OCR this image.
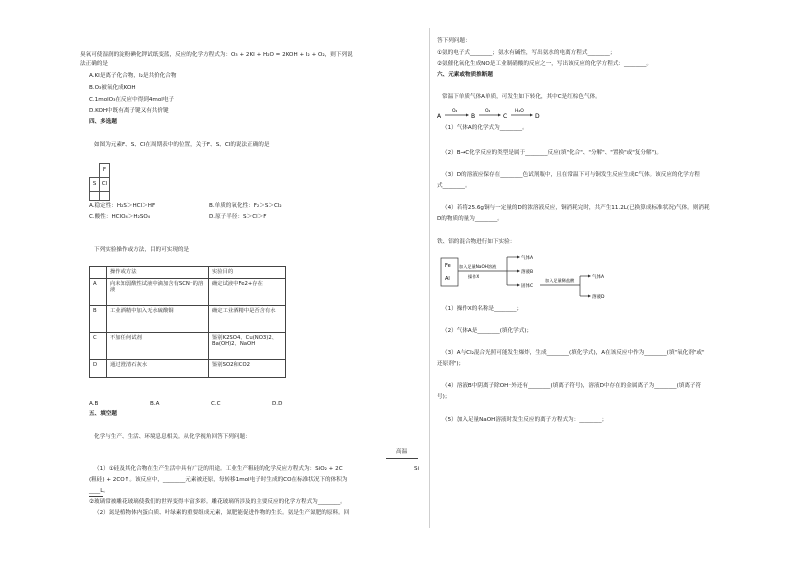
臭氧可使湿润的淀粉碘化钾试纸变蓝，反应的化学方程式为：O₃ + 2KI + H₂O = 2KOH + I₂ + O₂，则下列说
法正确的是
A.KI是离子化合物，I₂是共价化合物
B.O₃被氧化成KOH
C.1molO₃在反应中得到4mol电子
D.KOH中既有离子键又有共价键
四、多选题
如图为元素F、S、Cl在周期表中的位置，关于F、S、Cl的说法正确的是
	F
S	Cl

A.稳定性：H₂S＞HCl＞HF	B.单质的氧化性：F₂＞S＞Cl₂
C.酸性：HClO₄＞H₂SO₄	D.原子半径：S＞Cl＞F
下列实验操作或方法，目的可实现的是
	操作或方法	实验目的
A	向未知弱酸性试液中滴加含有SCN⁻的溶液	确定试液中Fe2+存在
B	工业酒精中加入无水硫酸铜	确定工业酒精中是否含有水
C	不加任何试剂	鉴别K2SO4、Cu(NO3)2、Ba(OH)2、NaOH
D	通过澄清石灰水	鉴别SO2和CO2
A.B	B.A	C.C	D.D
五、填空题
化学与生产、生活、环境息息相关。从化学视角回答下列问题：
高温
（1）①硅及其化合物在生产生活中具有广泛的用途。工业生产粗硅的化学反应方程式为：SiO₂ + 2C	Si
(粗硅) + 2CO↑。该反应中，________元素被还原，每转移1mol电子时生成的CO在标准状况下的体积为
____L。
②玻璃常被雕花玻璃使我们的世界变得丰富多彩。雕花玻璃所涉及的主要反应的化学方程式为________。
（2）氮是植物体内蛋白质、叶绿素的重要组成元素，氮肥能促进作物的生长。氨是生产氮肥的原料。回
答下列问题：
①氨的电子式________；氨水有碱性，写出氨水的电离方程式________；
②氨催化氧化生成NO是工业制硝酸的反应之一，写出该反应的化学方程式：________。
六、元素或物质推断题
常温下单质气体A单质，可发生如下转化，其中C是红棕色气体。
A
O₂
B
O₂
C
H₂O
D
（1）气体A的化学式为________。
（2）B→C化学反应的类型是属于________反应(填"化合"、"分解"、"置换"或"复分解")。
（3）D的溶液应保存在________色试剂瓶中，且在常温下可与铜发生反应生成C气体。该反应的化学方程
式________。
（4）若将25.6g铜与一定量的D的浓溶液反应，铜消耗完时，共产生11.2L(已换算成标准状况)气体。则消耗
D的物质的量为________。
铁、铝的混合物进行如下实验：
Fe
Al
加入足量NaOH溶液
操作X
气体A
溶液B
固体C
加入足量稀盐酸
气体A
溶液D
（1）操作X的名称是________；
（2）气体A是________(填化学式)；
（3）A与Cl₂混合光照可能发生爆炸，生成________(填化学式)，A在该反应中作为________(填"氧化剂"或"
还原剂")；
（4）溶液B中阴离子除OH⁻外还有________(填离子符号)，溶液D中存在的金属离子为________(填离子符
号)；
（5）加入足量NaOH溶液时发生反应的离子方程式为：________；
